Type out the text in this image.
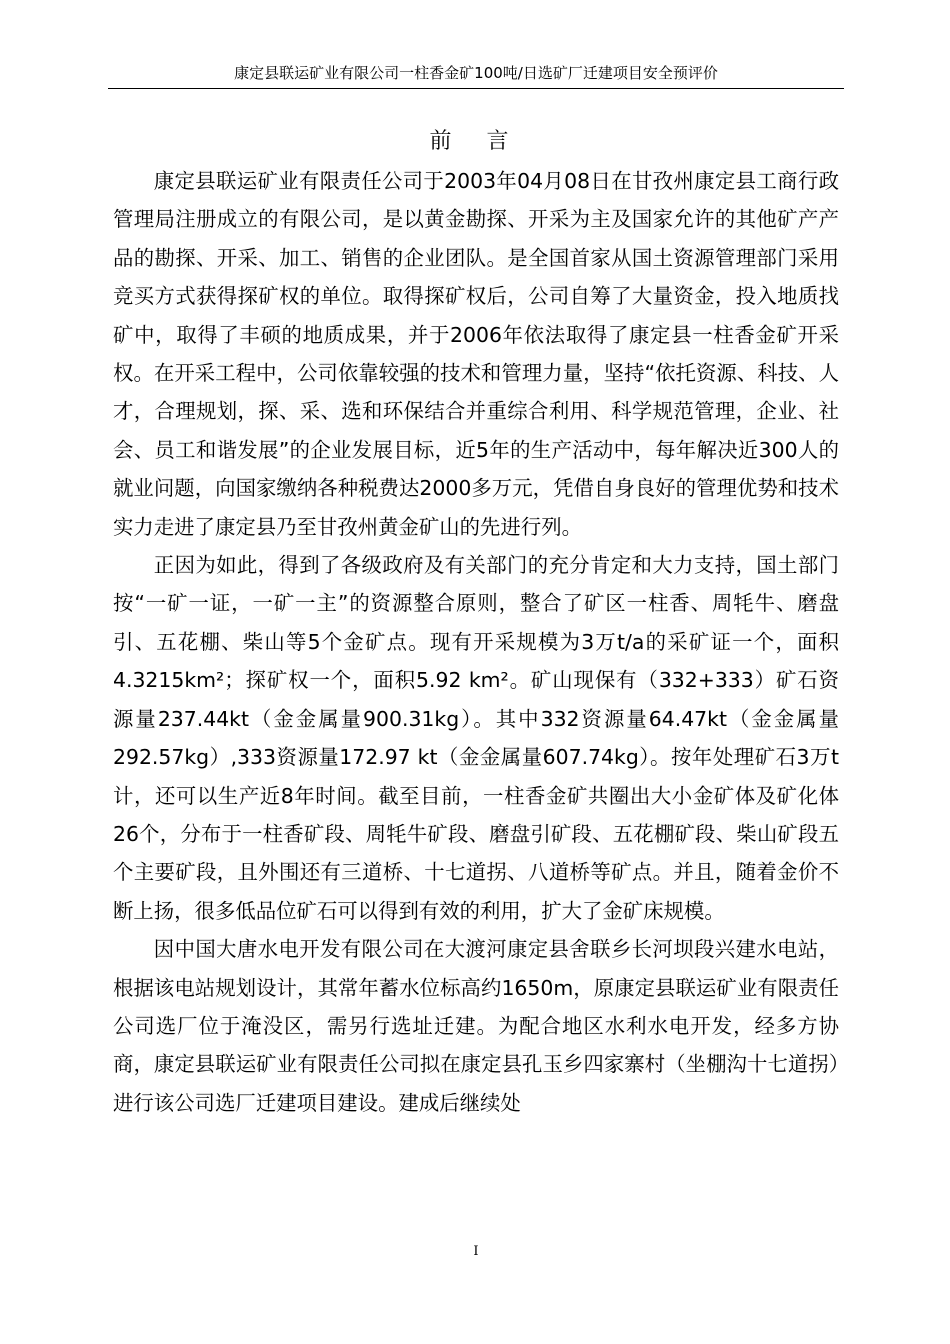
康定县联运矿业有限公司一柱香金矿100吨/日选矿厂迁建项目安全预评价
前 言

康定县联运矿业有限责任公司于2003年04月08日在甘孜州康定县工商行政管理局注册成立的有限公司，是以黄金勘探、开采为主及国家允许的其他矿产产品的勘探、开采、加工、销售的企业团队。是全国首家从国土资源管理部门采用竞买方式获得探矿权的单位。取得探矿权后，公司自筹了大量资金，投入地质找矿中，取得了丰硕的地质成果，并于2006年依法取得了康定县一柱香金矿开采权。在开采工程中，公司依靠较强的技术和管理力量，坚持“依托资源、科技、人才，合理规划，探、采、选和环保结合并重综合利用、科学规范管理，企业、社会、员工和谐发展”的企业发展目标，近5年的生产活动中，每年解决近300人的就业问题，向国家缴纳各种税费达2000多万元，凭借自身良好的管理优势和技术实力走进了康定县乃至甘孜州黄金矿山的先进行列。

正因为如此，得到了各级政府及有关部门的充分肯定和大力支持，国土部门按“一矿一证，一矿一主”的资源整合原则，整合了矿区一柱香、周牦牛、磨盘引、五花棚、柴山等5个金矿点。现有开采规模为3万t/a的采矿证一个，面积4.3215km²；探矿权一个，面积5.92 km²。矿山现保有（332+333）矿石资源量237.44kt（金金属量900.31kg）。其中332资源量64.47kt（金金属量292.57kg）,333资源量172.97 kt（金金属量607.74kg）。按年处理矿石3万t计，还可以生产近8年时间。截至目前，一柱香金矿共圈出大小金矿体及矿化体26个，分布于一柱香矿段、周牦牛矿段、磨盘引矿段、五花棚矿段、柴山矿段五个主要矿段，且外围还有三道桥、十七道拐、八道桥等矿点。并且，随着金价不断上扬，很多低品位矿石可以得到有效的利用，扩大了金矿床规模。

因中国大唐水电开发有限公司在大渡河康定县舍联乡长河坝段兴建水电站，根据该电站规划设计，其常年蓄水位标高约1650m，原康定县联运矿业有限责任公司选厂位于淹没区，需另行选址迁建。为配合地区水利水电开发，经多方协商，康定县联运矿业有限责任公司拟在康定县孔玉乡四家寨村（坐棚沟十七道拐）进行该公司选厂迁建项目建设。建成后继续处

I
